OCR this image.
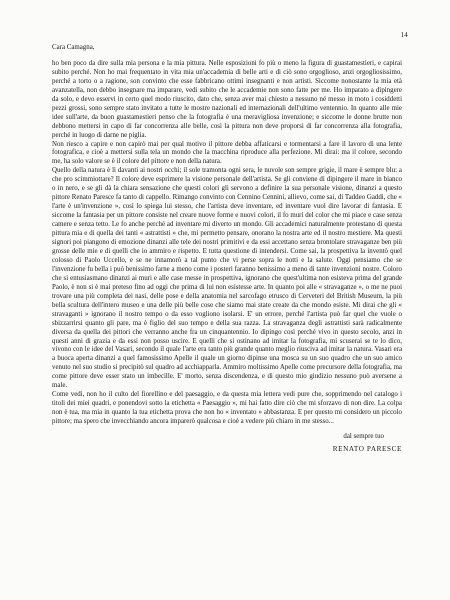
14

Cara Camagna,

ho ben poco da dire sulla mia persona e la mia pittura. Nelle esposizioni fo più o meno la figura di guastamestieri, e capirai subito perché. Non ho mai frequentato in vita mia un'accademia di belle arti e di ciò sono orgoglioso, anzi orgogliosissimo, perché a torto o a ragione, son convinto che esse fabbricano ottimi insegnanti e non artisti. Siccome nonostante la mia età avanzatella, non debbo insegnare ma imparare, vedi subito che le accademie non sono fatte per me. Ho imparato a dipingere da solo, e devo esservi in certo quel modo riuscito, dato che, senza aver mai chiesto a nessuno né messo in moto i cosiddetti pezzi grossi, sono sempre stato invitato a tutte le mostre nazionali ed internazionali dell'ultimo ventennio. In quanto alle mie idee sull'arte, da buon guastamestieri penso che la fotografia è una meravigliosa invenzione; e siccome le donne brutte non debbono mettersi in capo di far concorrenza alle belle, così la pittura non deve proporsi di far concorrenza alla fotografia, perché in luogo di darne ne piglia.

Non riesco a capire e non capirò mai per qual motivo il pittore debba affaticarsi e tormentarsi a fare il lavoro di una lente fotografica, e cioè a mettersi sulla tela un mondo che la macchina riproduce alla perfezione. Mi dirai: ma il colore, secondo me, ha solo valore se è il colore del pittore e non della natura.

Quello della natura è lì davanti ai nostri occhi; il sole tramonta ogni sera, le nuvole son sempre grigie, il mare è sempre blu: a che pro scimmiottare? Il colore deve esprimere la visione personale dell'artista. Se gli conviene di dipingere il mare in bianco o in nero, e se gli dà la chiara sensazione che questi colori gli servono a definire la sua personale visione, dinanzi a questo pittore Renato Paresce fa tanto di cappello. Rimango convinto con Cennino Cennini, allievo, come sai, di Taddeo Gaddi, che « l'arte è un'invenzione », così lo spiega lui stesso, che l'artista deve inventare, ed inventare vuol dire lavorar di fantasia. E siccome la fantasia per un pittore consiste nel creare nuove forme e nuovi colori, il fo muri del color che mi piace e case senza camere e senza tetto. Le fo anche perché ad inventare mi diverto un mondo. Gli accademici naturalmente protestano di questa pittura mia e di quella dei tanti « astrattisti » che, mi permetto pensare, onorano la nostra arte ed il nostro mestiere. Ma questi signori poi piangono di emozione dinanzi alle tele dei nostri primitivi e da essi accettano senza brontolare stravaganze ben più grosse delle mie e di quelli che io ammiro e rispetto. E tutta questione di intendersi. Come sai, la prospettiva la inventò quel colosso di Paolo Uccello, e se ne innamorò a tal punto che vi perse sopra le notti e la salute. Oggi pensiamo che se l'invenzione fu bella i può benissimo farne a meno come i posteri faranno benissimo a meno di tante invenzioni nostre. Coloro che si entusiasmano dinanzi ai muri e alle case messe in prospettiva, ignorano che quest'ultima non esisteva prima del grande Paolo, è non si è mai preteso fino ad oggi che prima di lui non esistesse arte. In quanto poi alle « stravaganze », o me ne puoi trovare una più completa dei nasi, delle pose e della anatomia nel sarcofago etrusco di Cerveteri del British Museum, la più bella scultura dell'intero museo e una delle più belle cose che siamo mai state create da che mondo esiste. Mi dirai che gli « stravaganti » ignorano il nostro tempo o da esso vogliono isolarsi. E' un errore, perché l'artista può far quel che vuole o sbizzarrirsi quanto gli pare, ma è figlio del suo tempo e della sua razza. La stravaganza degli astrattisti sarà radicalmente diversa da quella dei pittori che verranno anche fra un cinquantennio. Io dipingo così perché vivo in questo secolo, anzi in questi anni di grazia e da essi non posso uscire. E quelli che si ostinano ad imitar la fotografia, mi scuserai se te lo dico, vivono con le idee del Vasari, secondo il quale l'arte era tanto più grande quanto meglio riusciva ad imitar la natura. Vasari era a buoca aperta dinanzi a quel famosissimo Apelle il quale un giorno dipinse una mosca su un suo quadro che un suo amico venuto nel suo studio si precipitò sul quadro ad acchiapparla. Ammiro moltissimo Apelle come precursore della fotografia, ma come pittore deve esser stato un imbecille. E' morto, senza discendenza, e di questo mio giudizio nessuno può aversene a male.

Come vedi, non ho il culto del fiorellino e del paesaggio, e da questa mia lettera vedi pure che, sopprimendo nel catalogo i titoli dei miei quadri, e ponendovi sotto la etichetta « Paesaggio », mi hai fatto dire ciò che mi sforzavo di non dire. La colpa non è tua, ma mia in quanto la tua etichetta prova che non ho « inventato » abbastanza. E per questo mi considero un piccolo pittore; ma spero che invecchiando ancora imparerò qualcosa e cioè a vedere più chiaro in me stesso...

dal sempre tuo
RENATO PARESCE
